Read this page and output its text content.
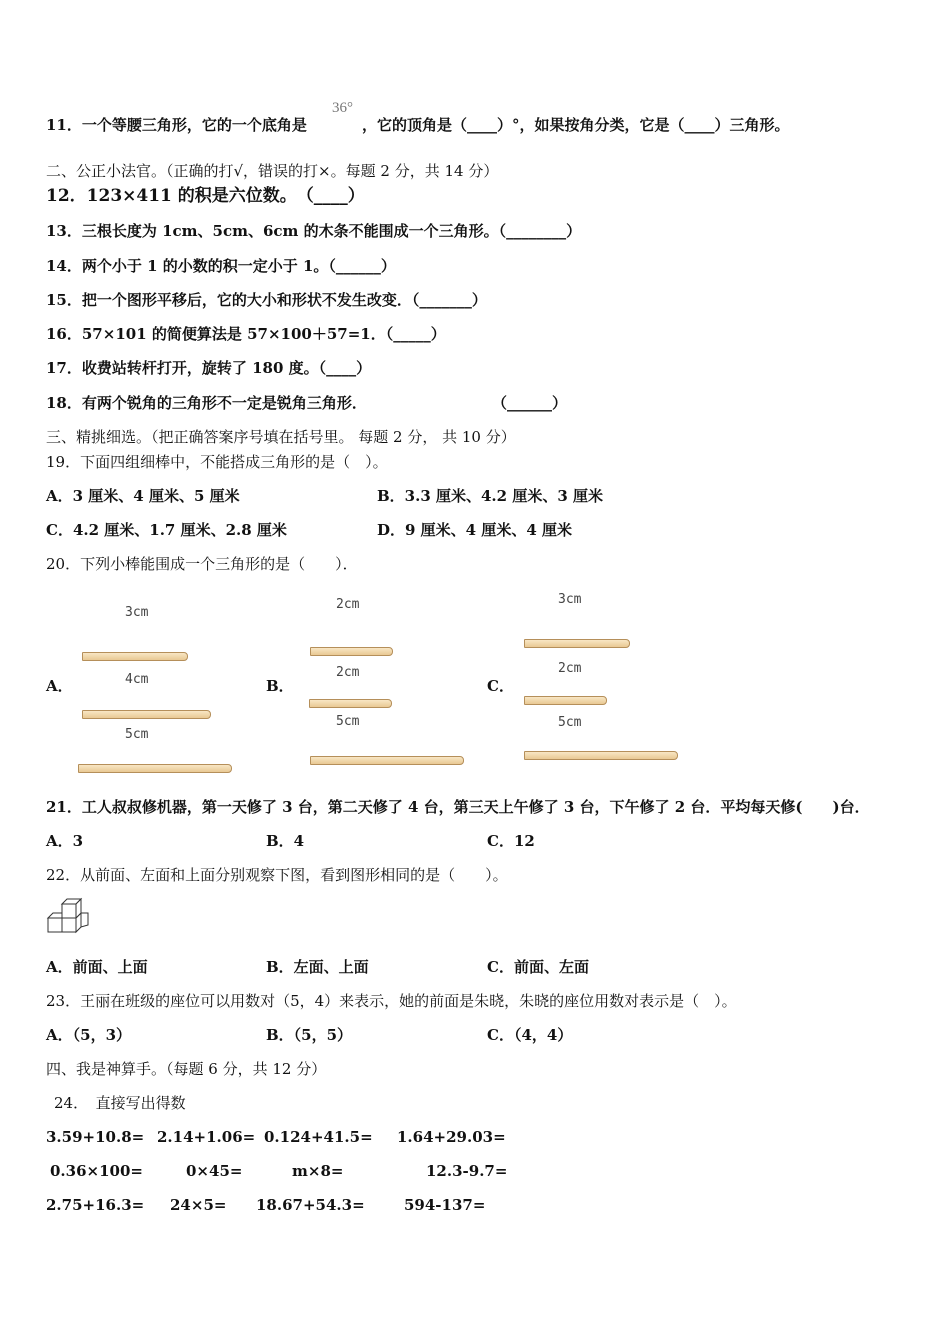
11．一个等腰三角形，它的一个底角是
36°
，它的顶角是（____）°，如果按角分类，它是（____）三角形。
二、公正小法官。（正确的打√，错误的打×。每题 2 分，共 14 分）
12．123×411 的积是六位数。　（____）
13．三根长度为 1cm、5cm、6cm 的木条不能围成一个三角形。（________）
14．两个小于 1 的小数的积一定小于 1。（______）
15．把一个图形平移后，它的大小和形状不发生改变．（_______）
16．57×101 的简便算法是 57×100＋57=1．（_____）
17．收费站转杆打开，旋转了 180 度。（____）
18．有两个锐角的三角形不一定是锐角三角形．	（______）
三、精挑细选。（把正确答案序号填在括号里。 每题 2 分， 共 10 分）
19．下面四组细棒中，不能搭成三角形的是（　）。
A．3 厘米、4 厘米、5 厘米	B．3.3 厘米、4.2 厘米、3 厘米
C．4.2 厘米、1.7 厘米、2.8 厘米	D．9 厘米、4 厘米、4 厘米
20．下列小棒能围成一个三角形的是（　　）．
A．
3cm
4cm
5cm
B．
2cm
2cm
5cm
C．
3cm
2cm
5cm
21．工人叔叔修机器，第一天修了 3 台，第二天修了 4 台，第三天上午修了 3 台，下午修了 2 台．平均每天修(　　)台．
A．3	B．4	C．12
22．从前面、左面和上面分别观察下图，看到图形相同的是（　　）。
A．前面、上面	B．左面、上面	C．前面、左面
23．王丽在班级的座位可以用数对（5，4）来表示，她的前面是朱晓，朱晓的座位用数对表示是（　）。
A．（5，3）	B．（5，5）	C．（4，4）
四、我是神算手。（每题 6 分，共 12 分）
24．　直接写出得数
3.59+10.8= 2.14+1.06= 0.124+41.5= 1.64+29.03=
0.36×100=	0×45=	m×8=	12.3-9.7=
2.75+16.3= 24×5= 18.67+54.3=	594-137=
